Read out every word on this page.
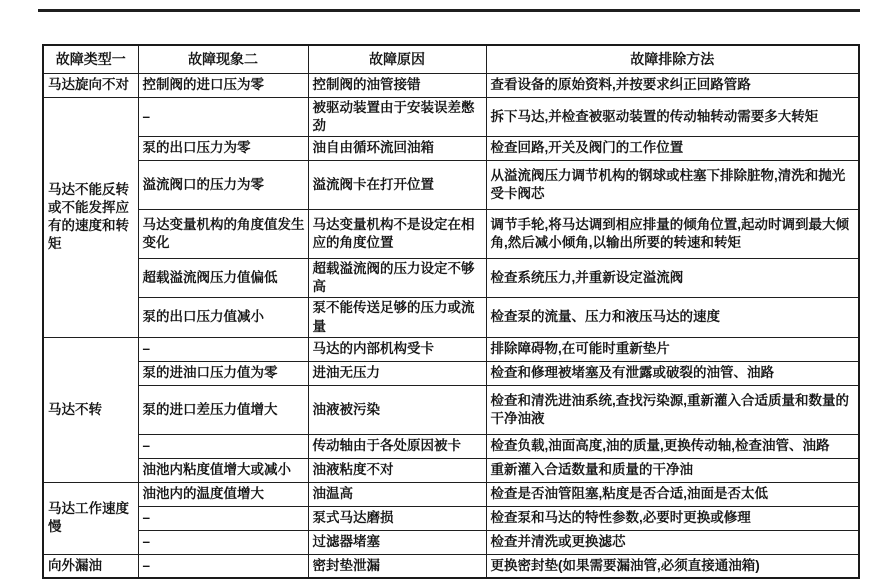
故障类型一	故障现象二	故障原因	故障排除方法
马达旋向不对	控制阀的进口压为零	控制阀的油管接错	查看设备的原始资料,并按要求纠正回路管路
马达不能反转或不能发挥应有的速度和转矩	–	被驱动装置由于安装误差憋劲	拆下马达,并检查被驱动装置的传动轴转动需要多大转矩
	泵的出口压力为零	油自由循环流回油箱	检查回路,开关及阀门的工作位置
	溢流阀口的压力为零	溢流阀卡在打开位置	从溢流阀压力调节机构的钢球或柱塞下排除脏物,清洗和抛光受卡阀芯
	马达变量机构的角度值发生变化	马达变量机构不是设定在相应的角度位置	调节手轮,将马达调到相应排量的倾角位置,起动时调到最大倾角,然后减小倾角,以输出所要的转速和转矩
	超载溢流阀压力值偏低	超载溢流阀的压力设定不够高	检查系统压力,并重新设定溢流阀
	泵的出口压力值减小	泵不能传送足够的压力或流量	检查泵的流量、压力和液压马达的速度
马达不转	–	马达的内部机构受卡	排除障碍物,在可能时重新垫片
	泵的进油口压力值为零	进油无压力	检查和修理被堵塞及有泄露或破裂的油管、油路
	泵的进口差压力值增大	油液被污染	检查和清洗进油系统,查找污染源,重新灌入合适质量和数量的干净油液
	–	传动轴由于各处原因被卡	检查负载,油面高度,油的质量,更换传动轴,检查油管、油路
	油池内粘度值增大或减小	油液粘度不对	重新灌入合适数量和质量的干净油
马达工作速度慢	油池内的温度值增大	油温高	检查是否油管阻塞,粘度是否合适,油面是否太低
	–	泵式马达磨损	检查泵和马达的特性参数,必要时更换或修理
	–	过滤器堵塞	检查并清洗或更换滤芯
向外漏油	–	密封垫泄漏	更换密封垫(如果需要漏油管,必须直接通油箱)
